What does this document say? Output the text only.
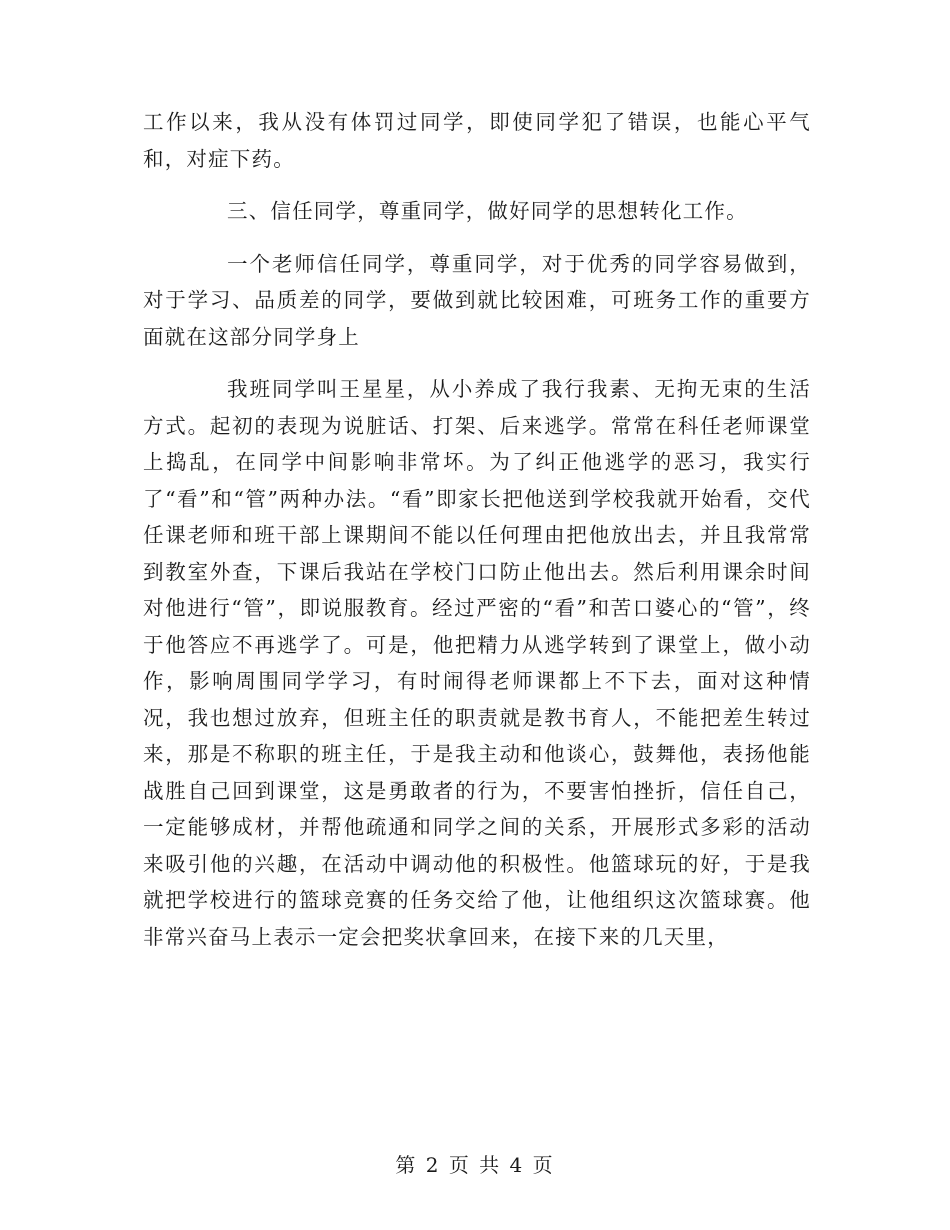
工作以来，我从没有体罚过同学，即使同学犯了错误，也能心平气和，对症下药。

三、信任同学，尊重同学，做好同学的思想转化工作。

一个老师信任同学，尊重同学，对于优秀的同学容易做到，对于学习、品质差的同学，要做到就比较困难，可班务工作的重要方面就在这部分同学身上

我班同学叫王星星，从小养成了我行我素、无拘无束的生活方式。起初的表现为说脏话、打架、后来逃学。常常在科任老师课堂上捣乱，在同学中间影响非常坏。为了纠正他逃学的恶习，我实行了“看”和“管”两种办法。“看”即家长把他送到学校我就开始看，交代任课老师和班干部上课期间不能以任何理由把他放出去，并且我常常到教室外查，下课后我站在学校门口防止他出去。然后利用课余时间对他进行“管”，即说服教育。经过严密的“看”和苦口婆心的“管”，终于他答应不再逃学了。可是，他把精力从逃学转到了课堂上，做小动作，影响周围同学学习，有时闹得老师课都上不下去，面对这种情况，我也想过放弃，但班主任的职责就是教书育人，不能把差生转过来，那是不称职的班主任，于是我主动和他谈心，鼓舞他，表扬他能战胜自己回到课堂，这是勇敢者的行为，不要害怕挫折，信任自己，一定能够成材，并帮他疏通和同学之间的关系，开展形式多彩的活动来吸引他的兴趣，在活动中调动他的积极性。他篮球玩的好，于是我就把学校进行的篮球竞赛的任务交给了他，让他组织这次篮球赛。他非常兴奋马上表示一定会把奖状拿回来，在接下来的几天里，

第 2 页 共 4 页
